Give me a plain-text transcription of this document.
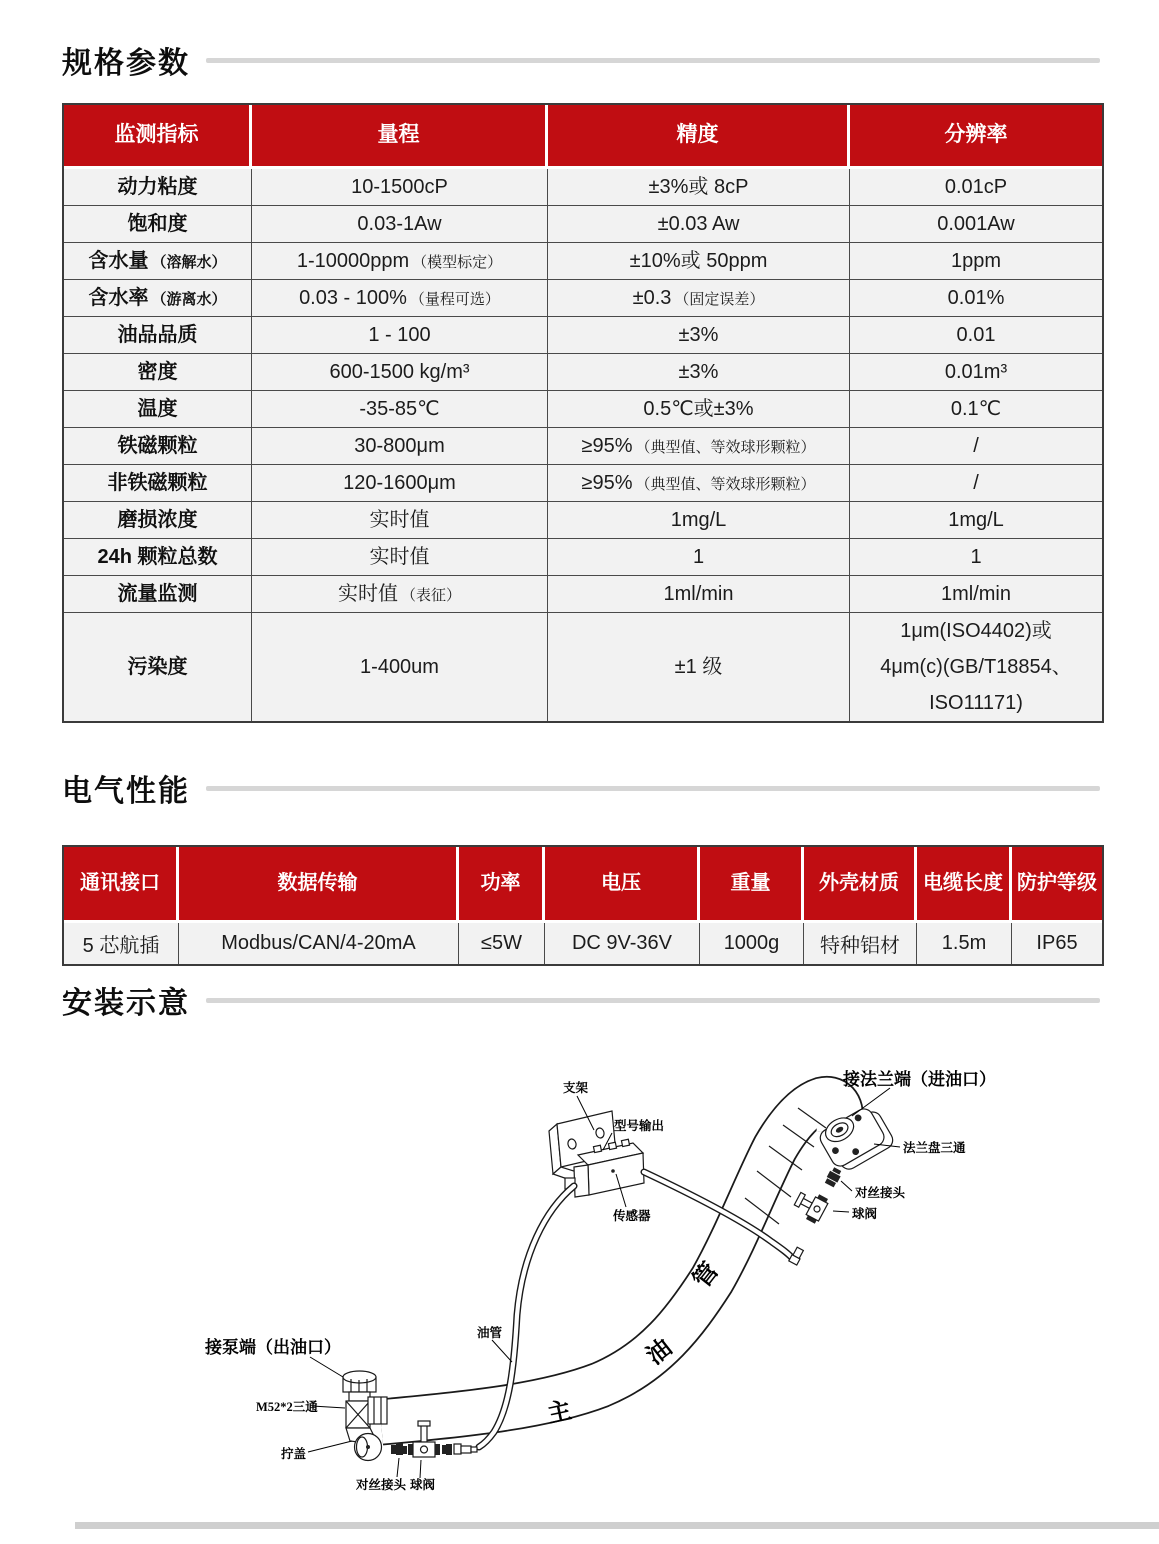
规格参数
监测指标	量程	精度	分辨率
动力粘度	10-1500cP	±3%或 8cP	0.01cP
饱和度	0.03-1Aw	±0.03 Aw	0.001Aw
含水量 （溶解水）	1-10000ppm （模型标定）	±10%或 50ppm	1ppm
含水率 （游离水）	0.03 - 100% （量程可选）	±0.3 （固定误差）	0.01%
油品品质	1 - 100	±3%	0.01
密度	600-1500 kg/m³	±3%	0.01m³
温度	-35-85℃	0.5℃或±3%	0.1℃
铁磁颗粒	30-800μm	≥95% （典型值、等效球形颗粒）	/
非铁磁颗粒	120-1600μm	≥95% （典型值、等效球形颗粒）	/
磨损浓度	实时值	1mg/L	1mg/L
24h 颗粒总数	实时值	1	1
流量监测	实时值 （表征）	1ml/min	1ml/min
污染度	1-400um	±1 级	1μm(ISO4402)或 4μm(c)(GB/T18854、ISO11171)
电气性能
通讯接口	数据传输	功率	电压	重量	外壳材质	电缆长度	防护等级
5 芯航插	Modbus/CAN/4-20mA	≤5W	DC 9V-36V	1000g	特种铝材	1.5m	IP65
安装示意
主
油
管
支架
型号输出
传感器
接法兰端（进油口）
法兰盘三通
对丝接头
球阀
油管
接泵端（出油口）
M52*2三通
拧盖
对丝接头 球阀
